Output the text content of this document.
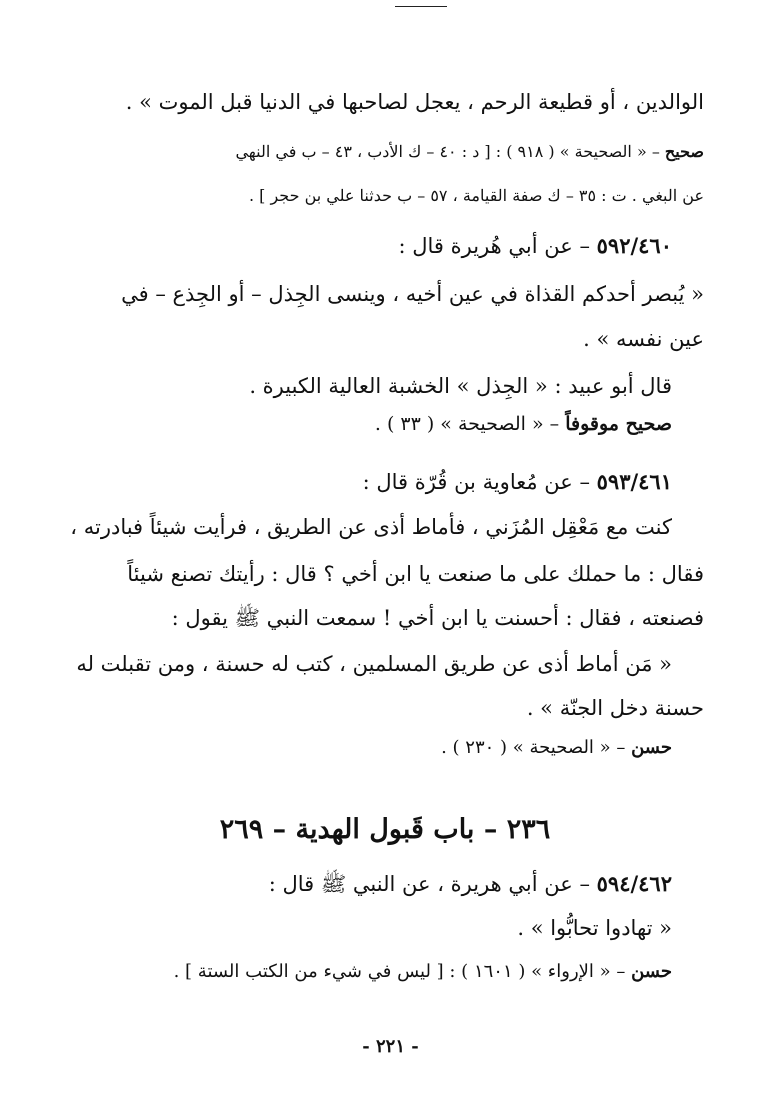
الوالدين ، أو قطيعة الرحم ، يعجل لصاحبها في الدنيا قبل الموت » .
صحيح – « الصحيحة » ( ٩١٨ ) : [ د : ٤٠ – ك الأدب ، ٤٣ – ب في النهي
عن البغي . ت : ٣٥ – ك صفة القيامة ، ٥٧ – ب حدثنا علي بن حجر ] .
٥٩٢/٤٦٠ – عن أبي هُريرة قال :
« يُبصر أحدكم القذاة في عين أخيه ، وينسى الجِذل – أو الجِذع – في
عين نفسه » .
قال أبو عبيد : « الجِذل » الخشبة العالية الكبيرة .
صحيح موقوفاً – « الصحيحة » ( ٣٣ ) .
٥٩٣/٤٦١ – عن مُعاوية بن قُرّة قال :
كنت مع مَعْقِل المُزَني ، فأماط أذى عن الطريق ، فرأيت شيئاً فبادرته ،
فقال : ما حملك على ما صنعت يا ابن أخي ؟ قال : رأيتك تصنع شيئاً
فصنعته ، فقال : أحسنت يا ابن أخي ! سمعت النبي ﷺ يقول :
« مَن أماط أذى عن طريق المسلمين ، كتب له حسنة ، ومن تقبلت له
حسنة دخل الجنّة » .
حسن – « الصحيحة » ( ٢٣٠ ) .
٢٣٦ – باب قَبول الهدية – ٢٦٩
٥٩٤/٤٦٢ – عن أبي هريرة ، عن النبي ﷺ قال :
« تهادوا تحابُّوا » .
حسن – « الإرواء » ( ١٦٠١ ) : [ ليس في شيء من الكتب الستة ] .
- ٢٢١ -
